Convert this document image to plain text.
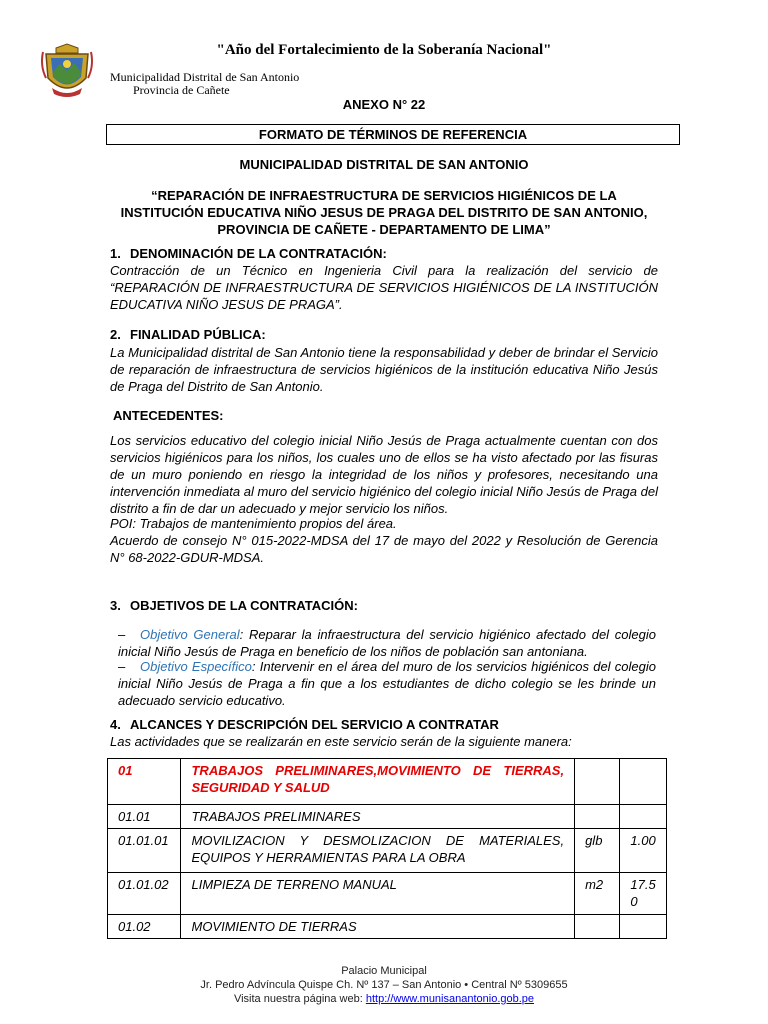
"Año del Fortalecimiento de la Soberanía Nacional"
Municipalidad Distrital de San Antonio
Provincia de Cañete
ANEXO N° 22
FORMATO DE TÉRMINOS DE REFERENCIA
MUNICIPALIDAD DISTRITAL DE SAN ANTONIO
“REPARACIÓN DE INFRAESTRUCTURA DE SERVICIOS HIGIÉNICOS DE LA INSTITUCIÓN EDUCATIVA NIÑO JESUS DE PRAGA DEL DISTRITO DE SAN ANTONIO, PROVINCIA DE CAÑETE - DEPARTAMENTO DE LIMA”
1. DENOMINACIÓN DE LA CONTRATACIÓN:
Contracción de un Técnico en Ingenieria Civil para la realización del servicio de “REPARACIÓN DE INFRAESTRUCTURA DE SERVICIOS HIGIÉNICOS DE LA INSTITUCIÓN EDUCATIVA NIÑO JESUS DE PRAGA”.
2. FINALIDAD PÚBLICA:
La Municipalidad distrital de San Antonio tiene la responsabilidad y deber de brindar el Servicio de reparación de infraestructura de servicios higiénicos de la institución educativa Niño Jesús de Praga del Distrito de San Antonio.
ANTECEDENTES:
Los servicios educativo del colegio inicial Niño Jesús de Praga actualmente cuentan con dos servicios higiénicos para los niños, los cuales uno de ellos se ha visto afectado por las fisuras de un muro poniendo en riesgo la integridad de los niños y profesores, necesitando una intervención inmediata al muro del servicio higiénico del colegio inicial Niño Jesús de Praga del distrito a fin de dar un adecuado y mejor servicio los niños.
POI: Trabajos de mantenimiento propios del área.
Acuerdo de consejo N° 015-2022-MDSA del 17 de mayo del 2022 y Resolución de Gerencia N° 68-2022-GDUR-MDSA.
3. OBJETIVOS DE LA CONTRATACIÓN:
– Objetivo General: Reparar la infraestructura del servicio higiénico afectado del colegio inicial Niño Jesús de Praga en beneficio de los niños de población san antoniana.
– Objetivo Específico: Intervenir en el área del muro de los servicios higiénicos del colegio inicial Niño Jesús de Praga a fin que a los estudiantes de dicho colegio se les brinde un adecuado servicio educativo.
4. ALCANCES Y DESCRIPCIÓN DEL SERVICIO A CONTRATAR
Las actividades que se realizarán en este servicio serán de la siguiente manera:
01	TRABAJOS PRELIMINARES,MOVIMIENTO DE TIERRAS, SEGURIDAD Y SALUD		
01.01	TRABAJOS PRELIMINARES		
01.01.01	MOVILIZACION Y DESMOLIZACION DE MATERIALES, EQUIPOS Y HERRAMIENTAS PARA LA OBRA	glb	1.00
01.01.02	LIMPIEZA DE TERRENO MANUAL	m2	17.50
01.02	MOVIMIENTO DE TIERRAS		
Palacio Municipal
Jr. Pedro Advíncula Quispe Ch. Nº 137 – San Antonio • Central Nº 5309655
Visita nuestra página web: http://www.munisanantonio.gob.pe
